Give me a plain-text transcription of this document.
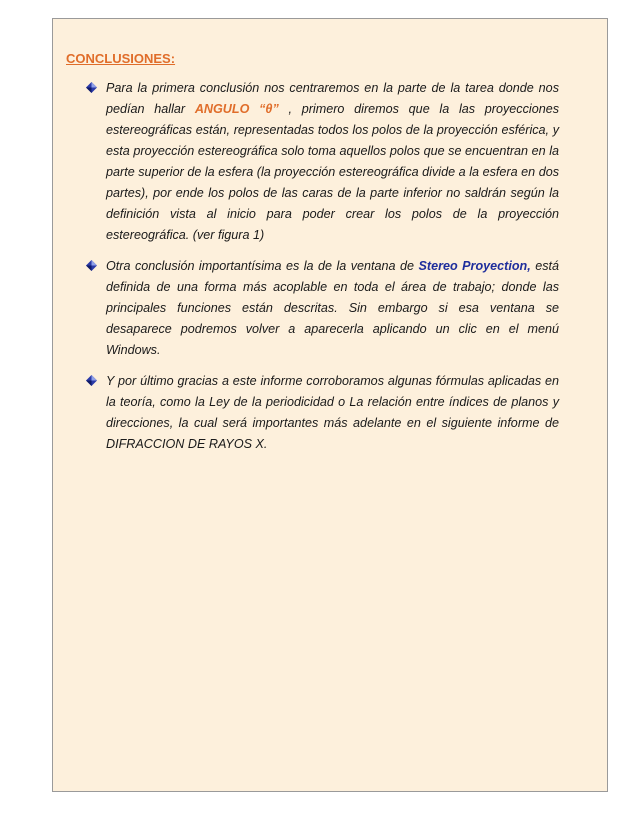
CONCLUSIONES:
Para la primera conclusión nos centraremos en la parte de la tarea donde nos pedían hallar ANGULO “θ” , primero diremos que la las proyecciones estereográficas están, representadas todos los polos de la proyección esférica, y esta proyección estereográfica solo toma aquellos polos que se encuentran en la parte superior de la esfera (la proyección estereográfica divide a la esfera en dos partes), por ende los polos de las caras de la parte inferior no saldrán según la definición vista al inicio para poder crear los polos de la proyección estereográfica. (ver figura 1)
Otra conclusión importantísima es la de la ventana de Stereo Proyection, está definida de una forma más acoplable en toda el área de trabajo; donde las principales funciones están descritas. Sin embargo si esa ventana se desaparece podremos volver a aparecerla aplicando un clic en el menú Windows.
Y por último gracias a este informe corroboramos algunas fórmulas aplicadas en la teoría, como la Ley de la periodicidad o La relación entre índices de planos y direcciones, la cual será importantes más adelante en el siguiente informe de DIFRACCION DE RAYOS X.
